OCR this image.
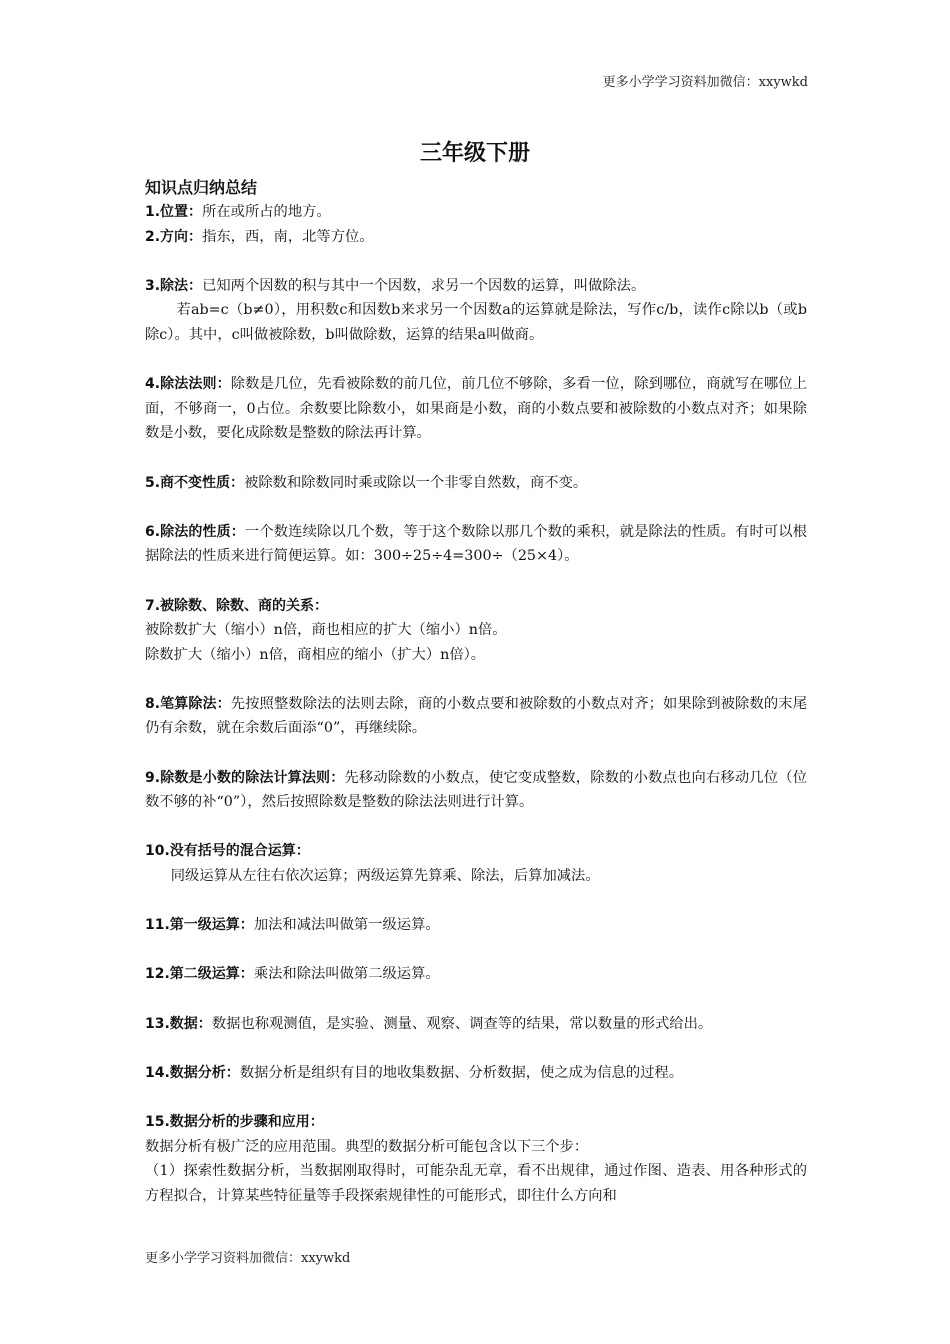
更多小学学习资料加微信：xxywkd
三年级下册
知识点归纳总结

1.位置：所在或所占的地方。

2.方向：指东，西，南，北等方位。

3.除法：已知两个因数的积与其中一个因数，求另一个因数的运算，叫做除法。

若ab=c（b≠0），用积数c和因数b来求另一个因数a的运算就是除法，写作c/b，读作c除以b（或b除c）。其中，c叫做被除数，b叫做除数，运算的结果a叫做商。

4.除法法则：除数是几位，先看被除数的前几位，前几位不够除，多看一位，除到哪位，商就写在哪位上面，不够商一，0占位。余数要比除数小，如果商是小数，商的小数点要和被除数的小数点对齐；如果除数是小数，要化成除数是整数的除法再计算。

5.商不变性质：被除数和除数同时乘或除以一个非零自然数，商不变。

6.除法的性质：一个数连续除以几个数，等于这个数除以那几个数的乘积，就是除法的性质。有时可以根据除法的性质来进行简便运算。如：300÷25÷4=300÷（25×4）。

7.被除数、除数、商的关系：

被除数扩大（缩小）n倍，商也相应的扩大（缩小）n倍。

除数扩大（缩小）n倍，商相应的缩小（扩大）n倍）。

8.笔算除法：先按照整数除法的法则去除，商的小数点要和被除数的小数点对齐；如果除到被除数的末尾仍有余数，就在余数后面添“0”，再继续除。

9.除数是小数的除法计算法则：先移动除数的小数点，使它变成整数，除数的小数点也向右移动几位（位数不够的补“0”），然后按照除数是整数的除法法则进行计算。

10.没有括号的混合运算：

同级运算从左往右依次运算；两级运算先算乘、除法，后算加减法。

11.第一级运算：加法和减法叫做第一级运算。

12.第二级运算：乘法和除法叫做第二级运算。

13.数据：数据也称观测值，是实验、测量、观察、调查等的结果，常以数量的形式给出。

14.数据分析：数据分析是组织有目的地收集数据、分析数据，使之成为信息的过程。

15.数据分析的步骤和应用：

数据分析有极广泛的应用范围。典型的数据分析可能包含以下三个步：

（1）探索性数据分析，当数据刚取得时，可能杂乱无章，看不出规律，通过作图、造表、用各种形式的方程拟合，计算某些特征量等手段探索规律性的可能形式，即往什么方向和

更多小学学习资料加微信：xxywkd
